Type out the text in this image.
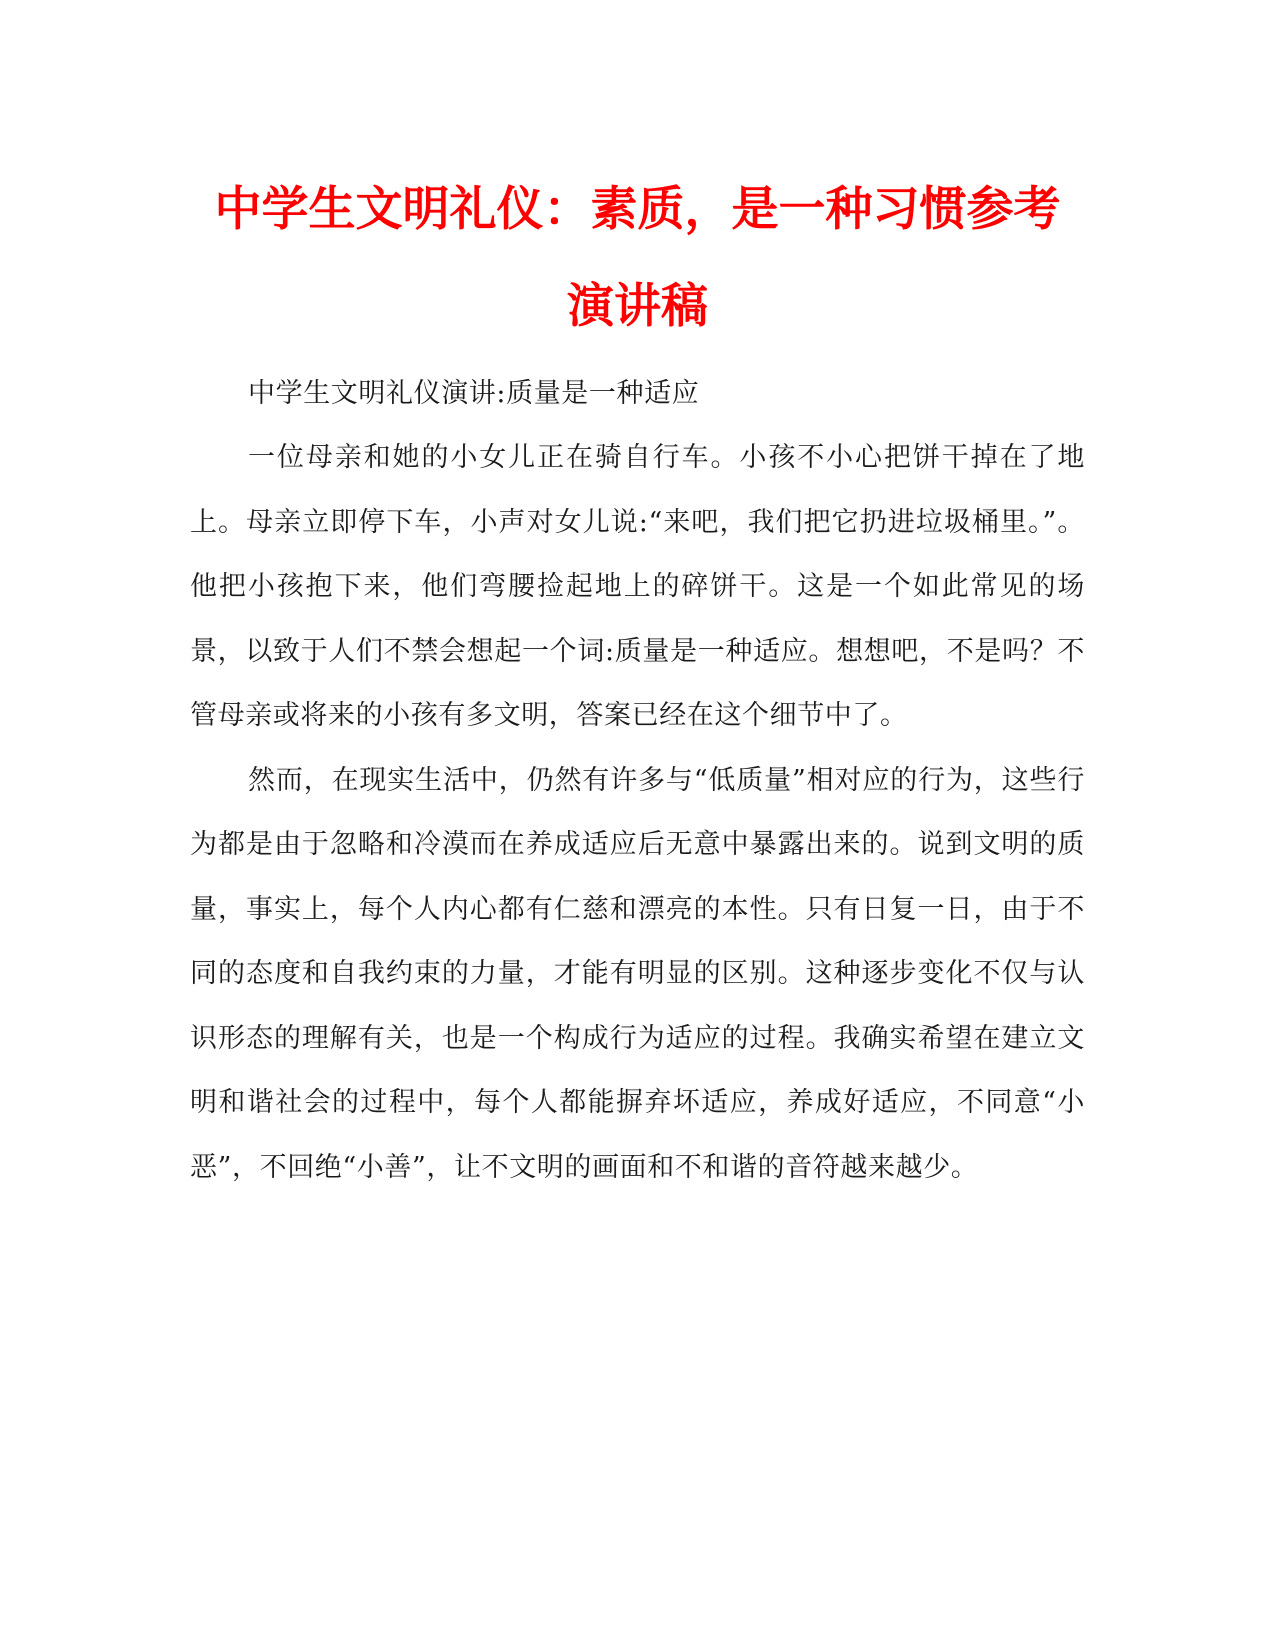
中学生文明礼仪：素质，是一种习惯参考
演讲稿

中学生文明礼仪演讲:质量是一种适应

一位母亲和她的小女儿正在骑自行车。小孩不小心把饼干掉在了地上。母亲立即停下车，小声对女儿说:“来吧，我们把它扔进垃圾桶里。”。他把小孩抱下来，他们弯腰捡起地上的碎饼干。这是一个如此常见的场景，以致于人们不禁会想起一个词:质量是一种适应。想想吧，不是吗？不管母亲或将来的小孩有多文明，答案已经在这个细节中了。

然而，在现实生活中，仍然有许多与“低质量”相对应的行为，这些行为都是由于忽略和冷漠而在养成适应后无意中暴露出来的。说到文明的质量，事实上，每个人内心都有仁慈和漂亮的本性。只有日复一日，由于不同的态度和自我约束的力量，才能有明显的区别。这种逐步变化不仅与认识形态的理解有关，也是一个构成行为适应的过程。我确实希望在建立文明和谐社会的过程中，每个人都能摒弃坏适应，养成好适应，不同意“小恶”，不回绝“小善”，让不文明的画面和不和谐的音符越来越少。
